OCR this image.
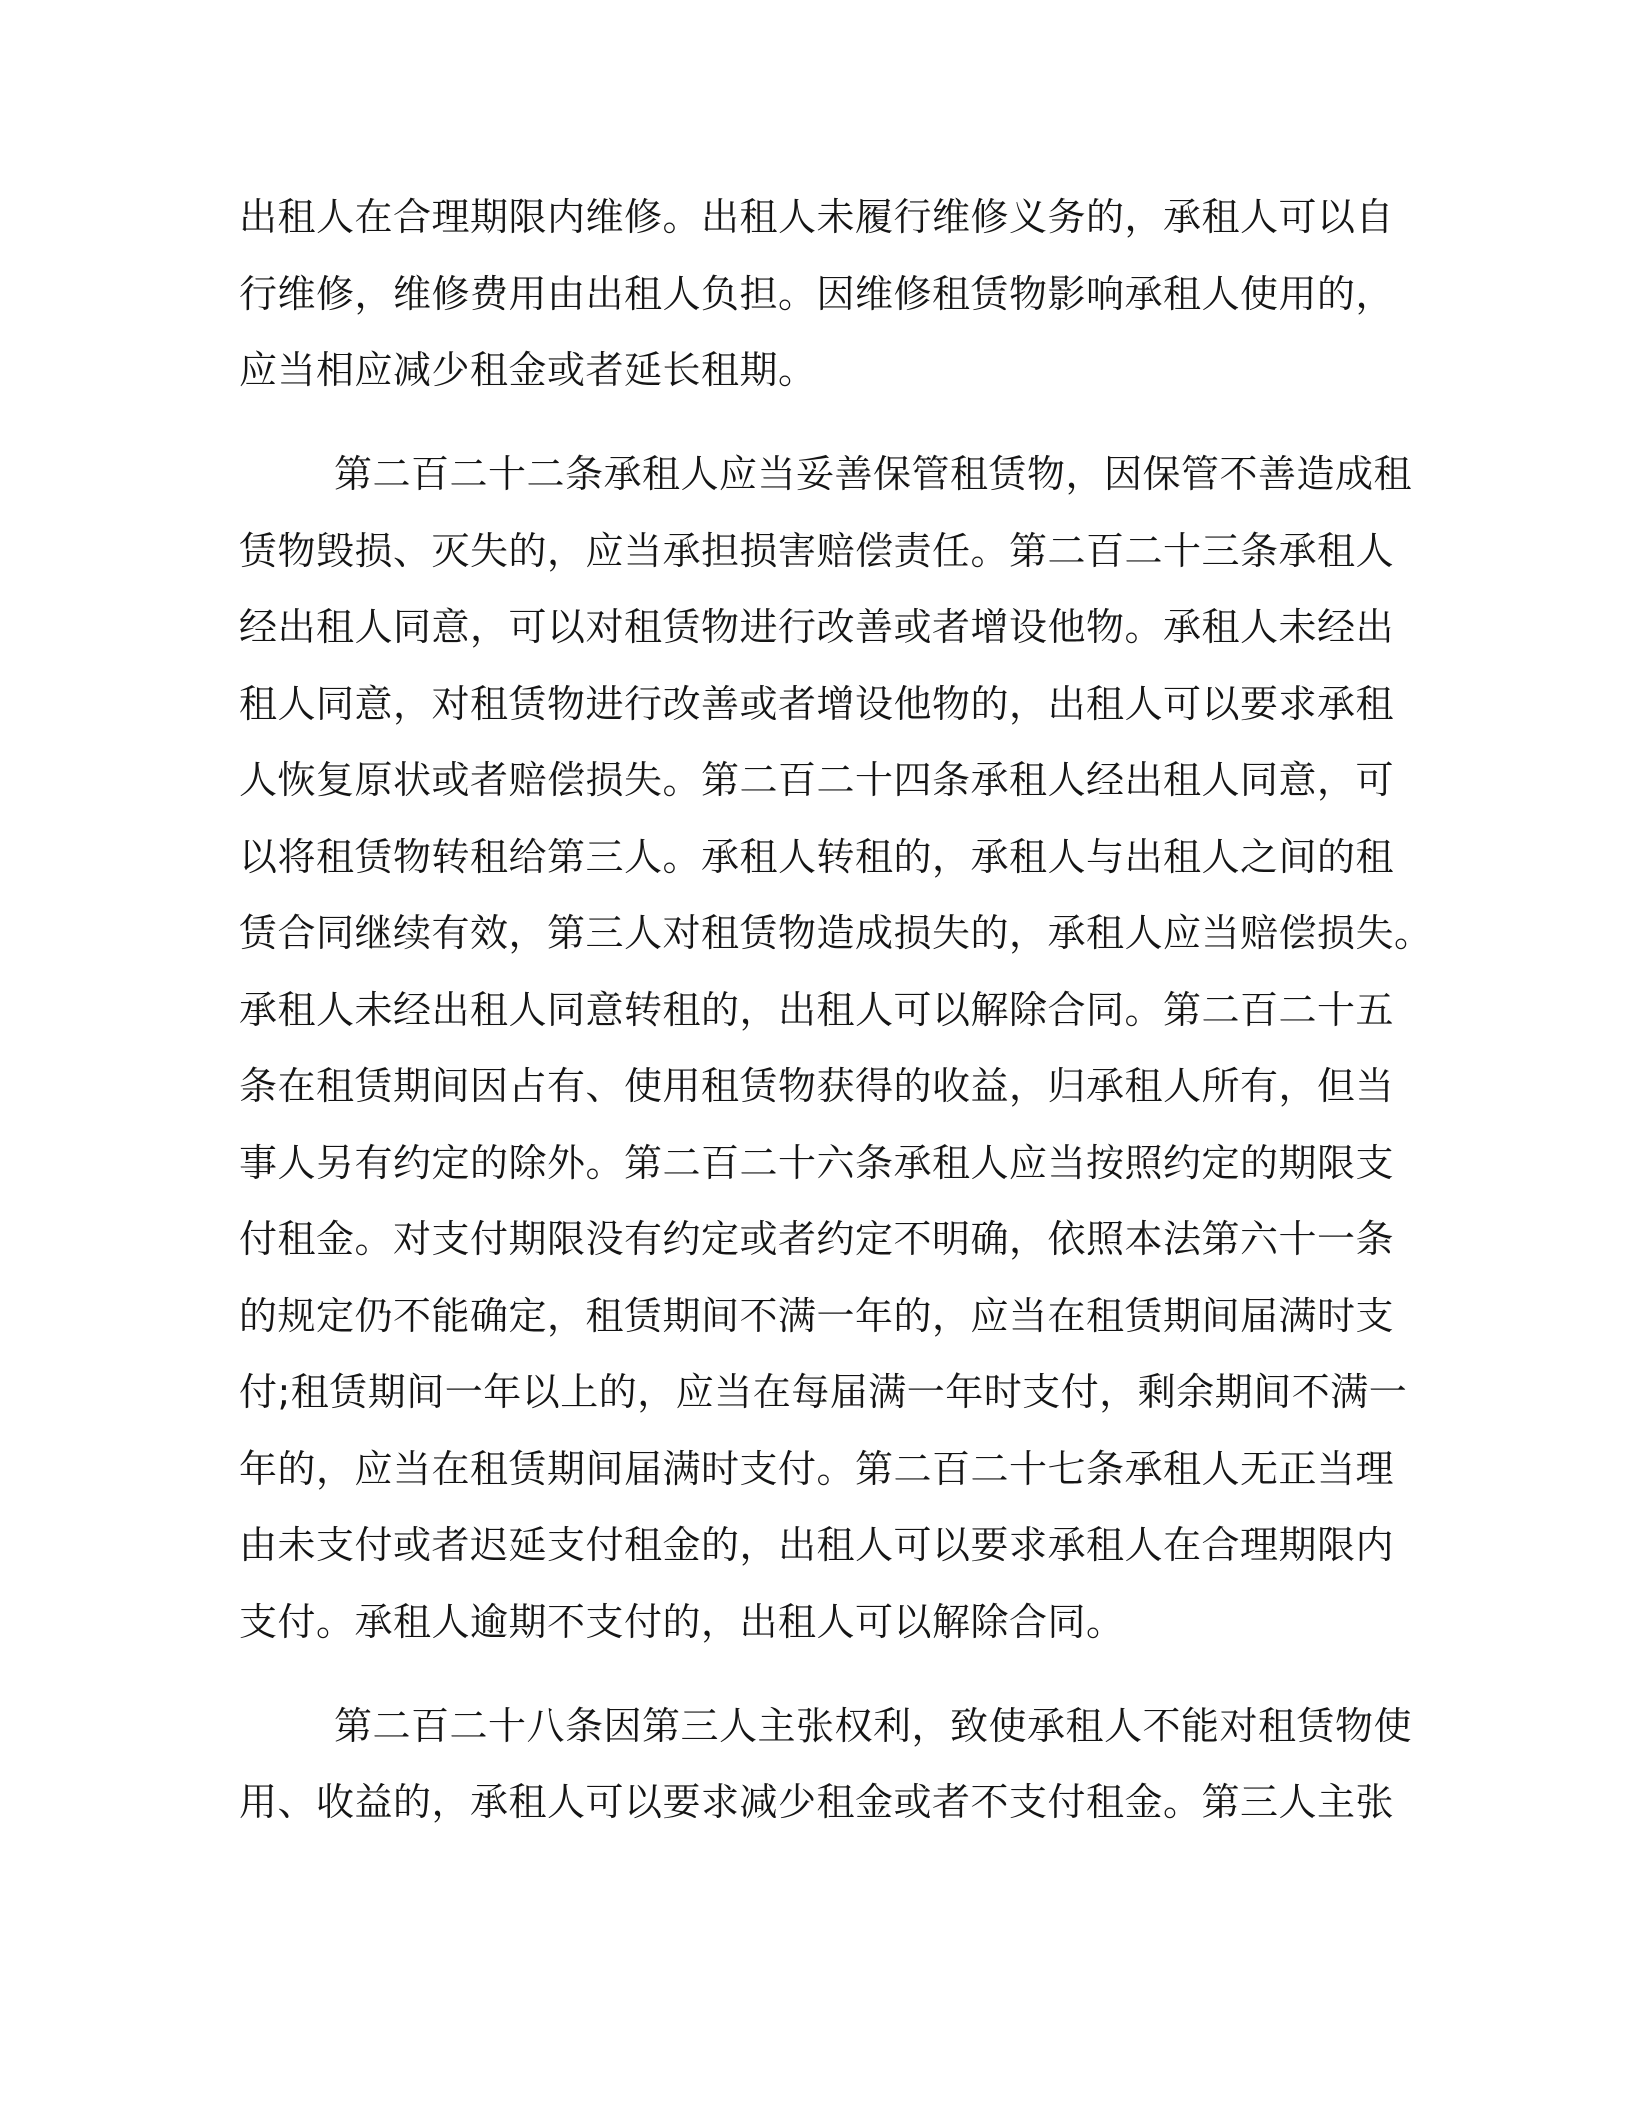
出租人在合理期限内维修。出租人未履行维修义务的，承租人可以自
行维修，维修费用由出租人负担。因维修租赁物影响承租人使用的，
应当相应减少租金或者延长租期。
第二百二十二条承租人应当妥善保管租赁物，因保管不善造成租
赁物毁损、灭失的，应当承担损害赔偿责任。第二百二十三条承租人
经出租人同意，可以对租赁物进行改善或者增设他物。承租人未经出
租人同意，对租赁物进行改善或者增设他物的，出租人可以要求承租
人恢复原状或者赔偿损失。第二百二十四条承租人经出租人同意，可
以将租赁物转租给第三人。承租人转租的，承租人与出租人之间的租
赁合同继续有效，第三人对租赁物造成损失的，承租人应当赔偿损失。
承租人未经出租人同意转租的，出租人可以解除合同。第二百二十五
条在租赁期间因占有、使用租赁物获得的收益，归承租人所有，但当
事人另有约定的除外。第二百二十六条承租人应当按照约定的期限支
付租金。对支付期限没有约定或者约定不明确，依照本法第六十一条
的规定仍不能确定，租赁期间不满一年的，应当在租赁期间届满时支
付;租赁期间一年以上的，应当在每届满一年时支付，剩余期间不满一
年的，应当在租赁期间届满时支付。第二百二十七条承租人无正当理
由未支付或者迟延支付租金的，出租人可以要求承租人在合理期限内
支付。承租人逾期不支付的，出租人可以解除合同。
第二百二十八条因第三人主张权利，致使承租人不能对租赁物使
用、收益的，承租人可以要求减少租金或者不支付租金。第三人主张
